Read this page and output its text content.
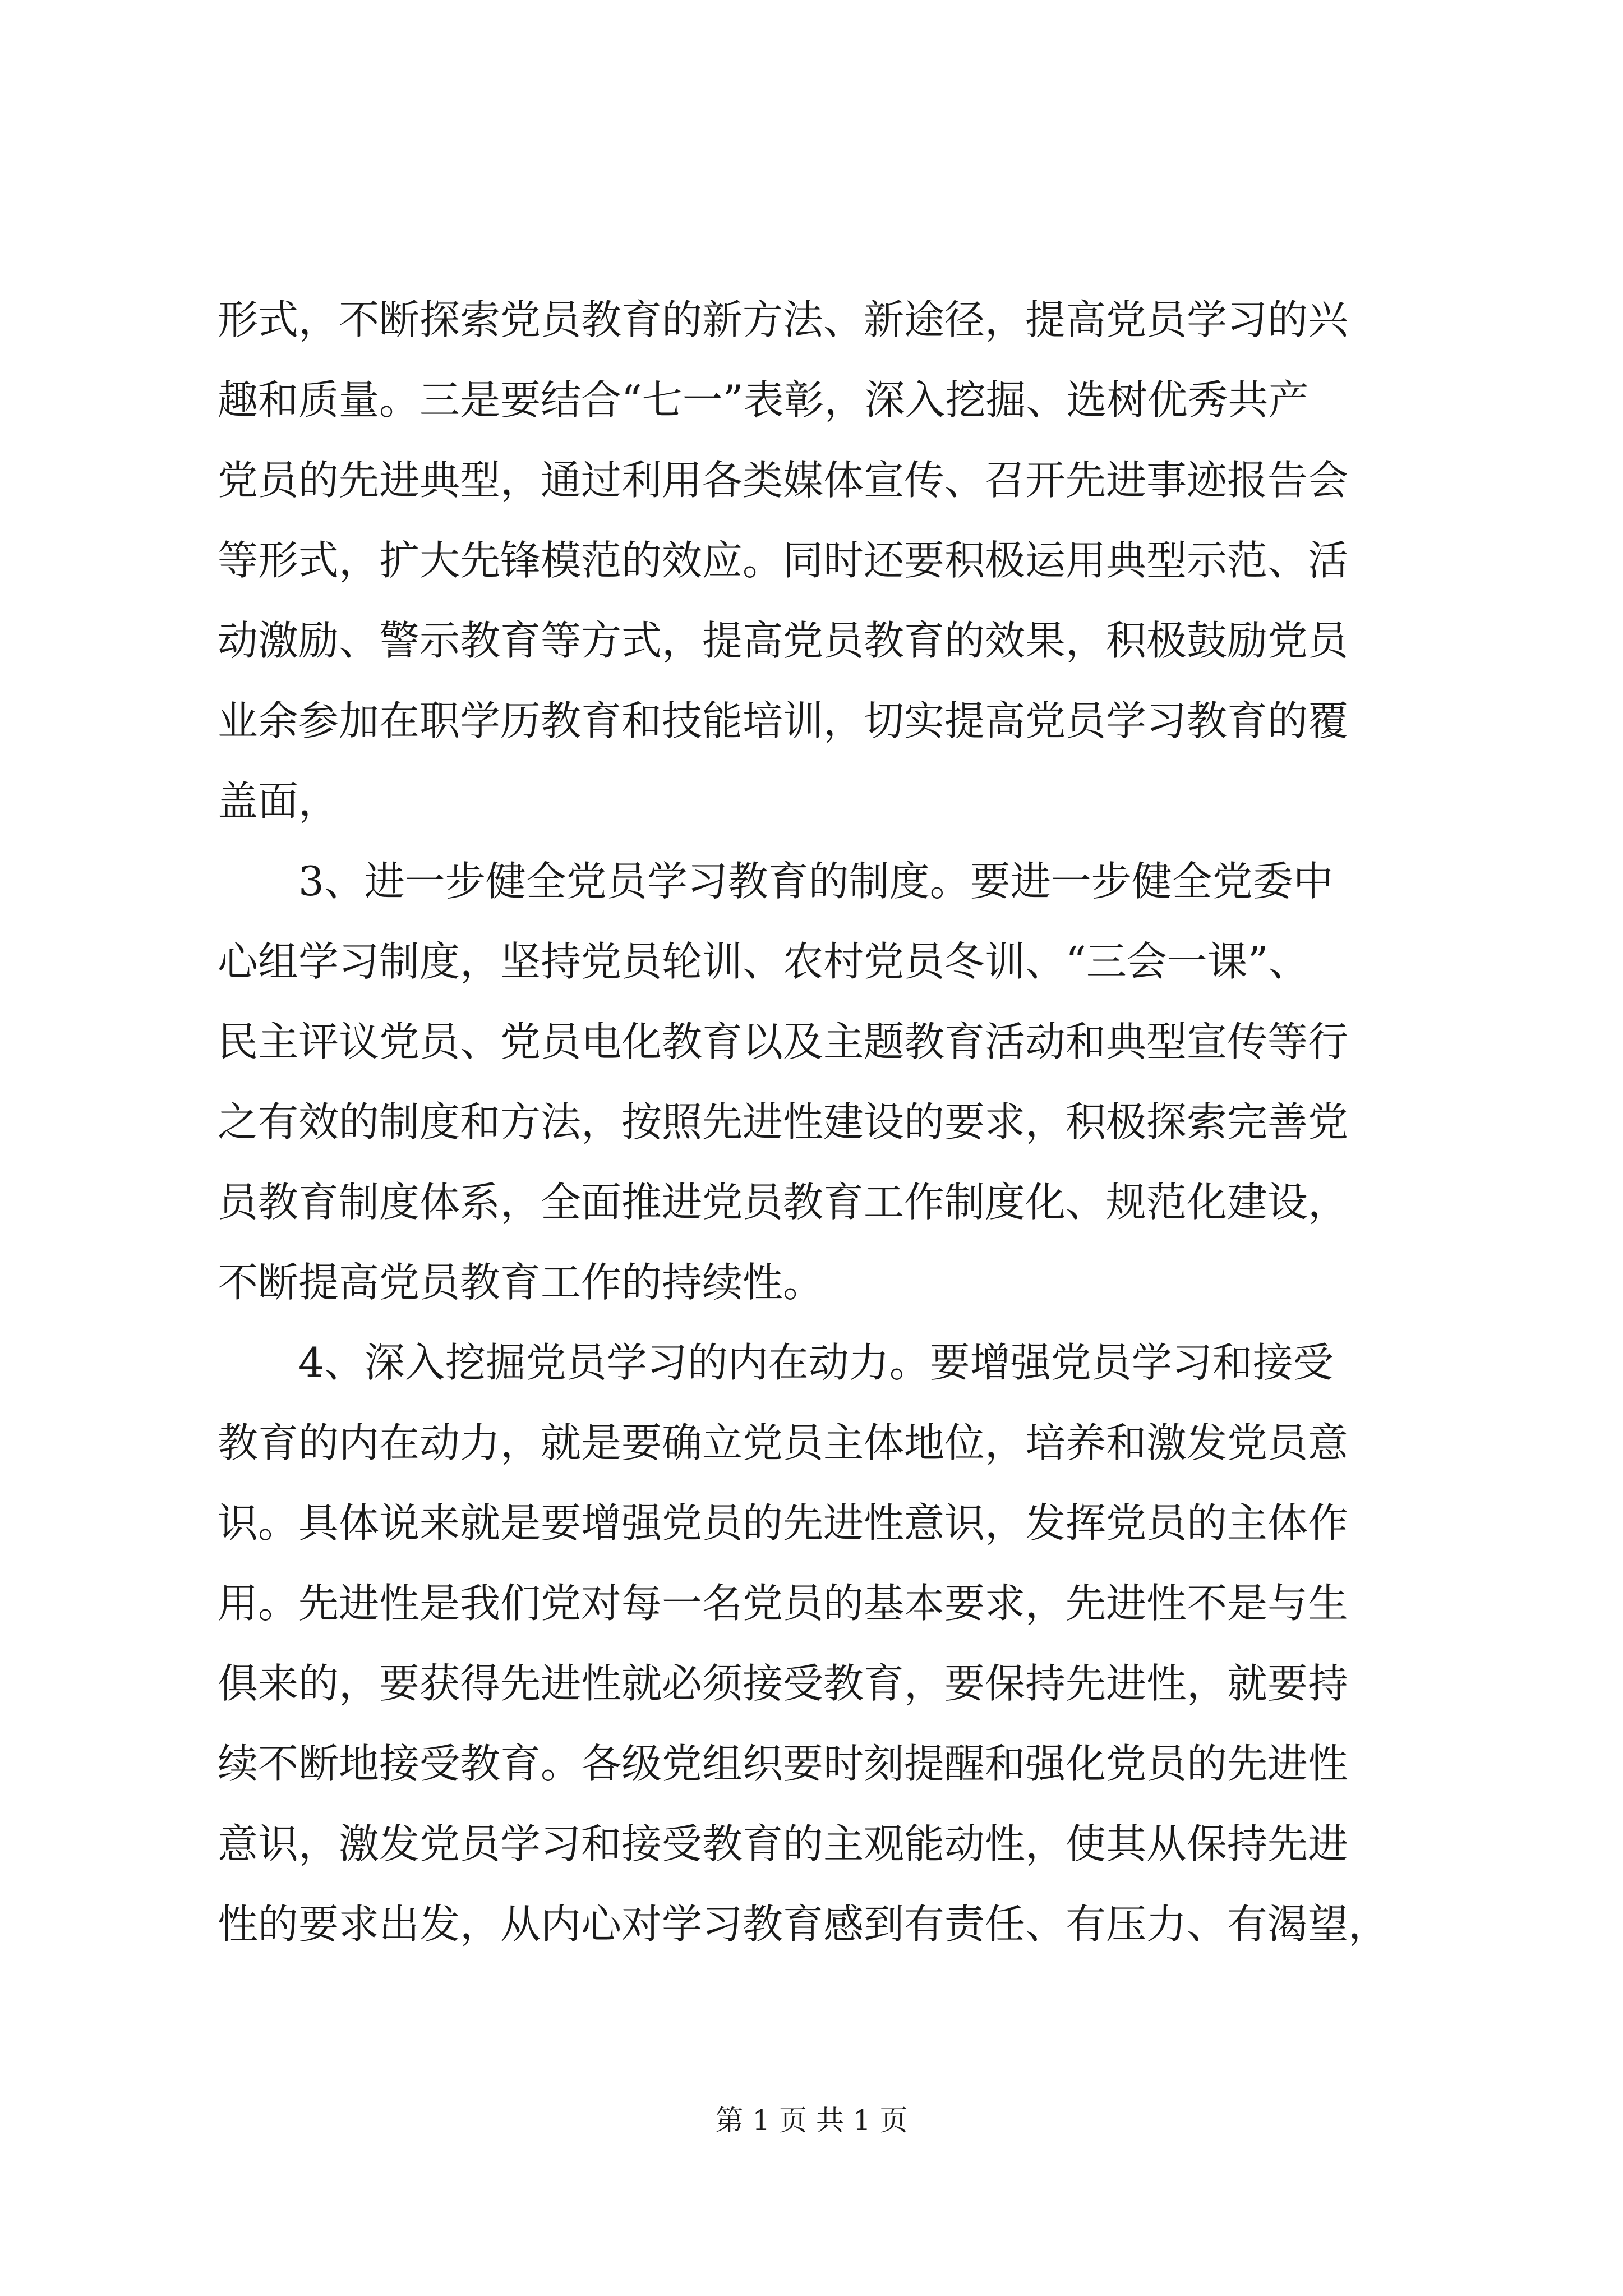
形式，不断探索党员教育的新方法、新途径，提高党员学习的兴
趣和质量。三是要结合“七一”表彰，深入挖掘、选树优秀共产
党员的先进典型，通过利用各类媒体宣传、召开先进事迹报告会
等形式，扩大先锋模范的效应。同时还要积极运用典型示范、活
动激励、警示教育等方式，提高党员教育的效果，积极鼓励党员
业余参加在职学历教育和技能培训，切实提高党员学习教育的覆
盖面，
3、进一步健全党员学习教育的制度。要进一步健全党委中
心组学习制度，坚持党员轮训、农村党员冬训、“三会一课”、
民主评议党员、党员电化教育以及主题教育活动和典型宣传等行
之有效的制度和方法，按照先进性建设的要求，积极探索完善党
员教育制度体系，全面推进党员教育工作制度化、规范化建设，
不断提高党员教育工作的持续性。
4、深入挖掘党员学习的内在动力。要增强党员学习和接受
教育的内在动力，就是要确立党员主体地位，培养和激发党员意
识。具体说来就是要增强党员的先进性意识，发挥党员的主体作
用。先进性是我们党对每一名党员的基本要求，先进性不是与生
俱来的，要获得先进性就必须接受教育，要保持先进性，就要持
续不断地接受教育。各级党组织要时刻提醒和强化党员的先进性
意识，激发党员学习和接受教育的主观能动性，使其从保持先进
性的要求出发，从内心对学习教育感到有责任、有压力、有渴望，
第 1 页 共 1 页
